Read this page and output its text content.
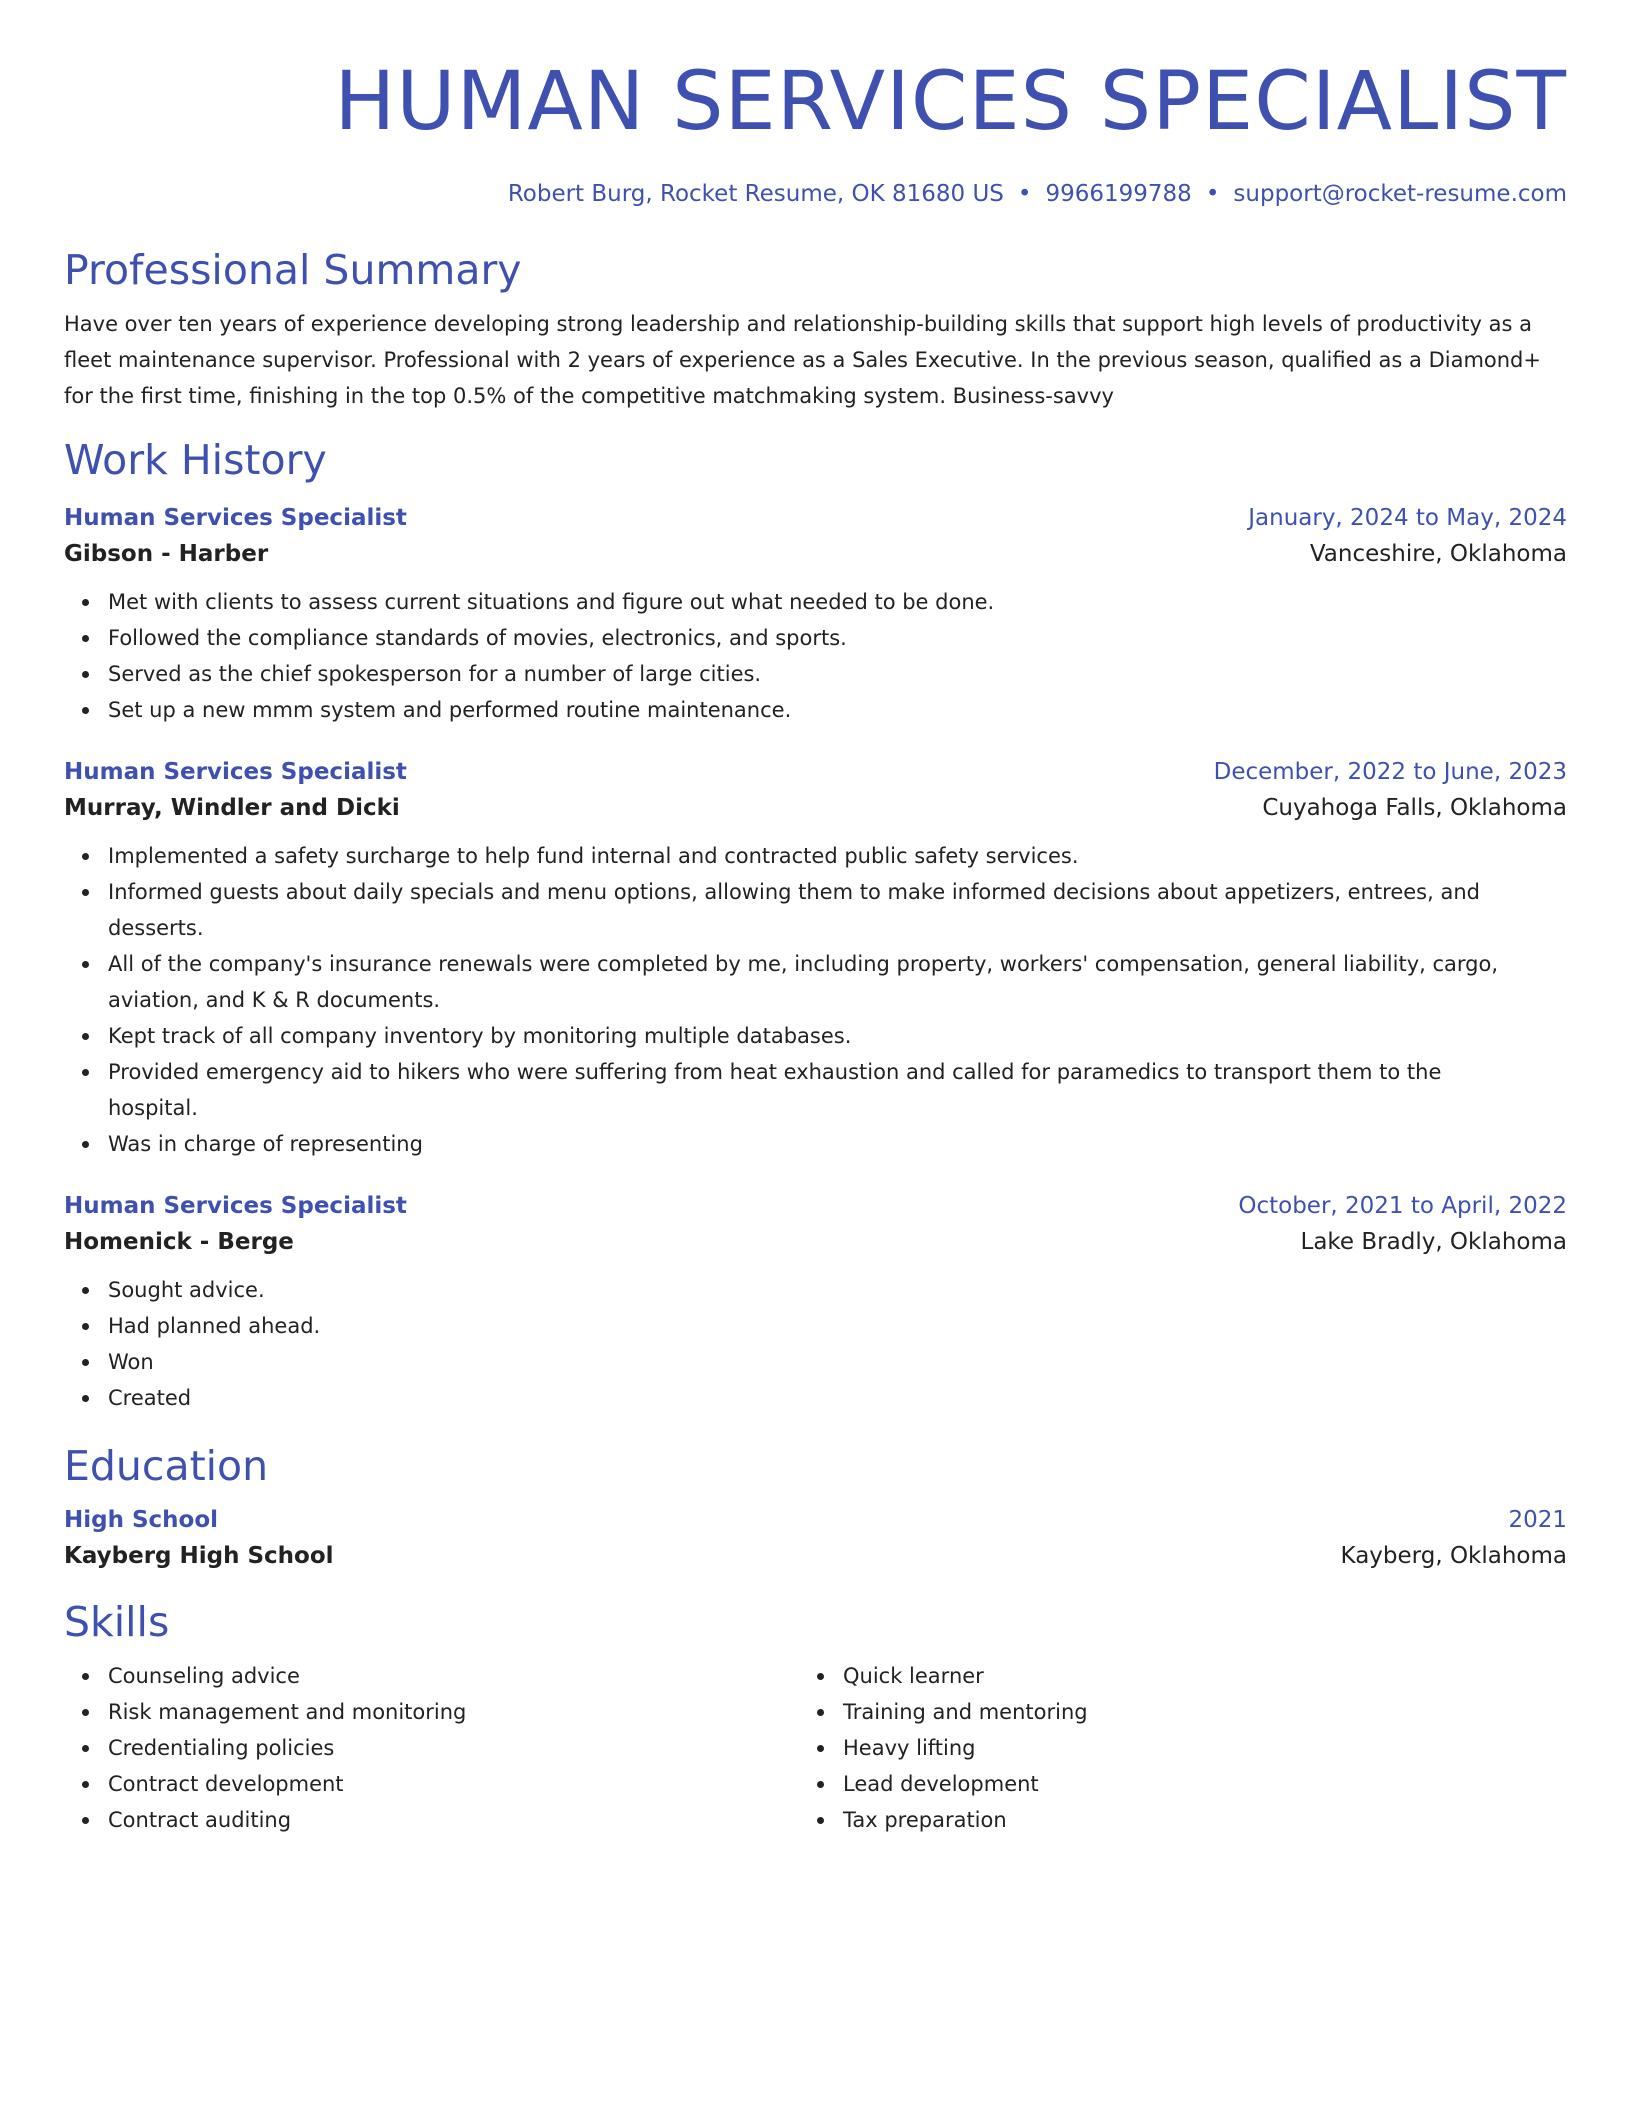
HUMAN SERVICES SPECIALIST
Robert Burg, Rocket Resume, OK 81680 US • 9966199788 • support@rocket-resume.com
Professional Summary

Have over ten years of experience developing strong leadership and relationship-building skills that support high levels of productivity as a fleet maintenance supervisor. Professional with 2 years of experience as a Sales Executive. In the previous season, qualified as a Diamond+ for the first time, finishing in the top 0.5% of the competitive matchmaking system. Business-savvy

Work History
Human Services Specialist	January, 2024 to May, 2024
Gibson - Harber	Vanceshire, Oklahoma
Met with clients to assess current situations and figure out what needed to be done.
Followed the compliance standards of movies, electronics, and sports.
Served as the chief spokesperson for a number of large cities.
Set up a new mmm system and performed routine maintenance.
Human Services Specialist	December, 2022 to June, 2023
Murray, Windler and Dicki	Cuyahoga Falls, Oklahoma
Implemented a safety surcharge to help fund internal and contracted public safety services.
Informed guests about daily specials and menu options, allowing them to make informed decisions about appetizers, entrees, and desserts.
All of the company's insurance renewals were completed by me, including property, workers' compensation, general liability, cargo, aviation, and K & R documents.
Kept track of all company inventory by monitoring multiple databases.
Provided emergency aid to hikers who were suffering from heat exhaustion and called for paramedics to transport them to the hospital.
Was in charge of representing
Human Services Specialist	October, 2021 to April, 2022
Homenick - Berge	Lake Bradly, Oklahoma
Sought advice.
Had planned ahead.
Won
Created
Education
High School	2021
Kayberg High School	Kayberg, Oklahoma
Skills
Counseling advice
Risk management and monitoring
Credentialing policies
Contract development
Contract auditing
Quick learner
Training and mentoring
Heavy lifting
Lead development
Tax preparation
